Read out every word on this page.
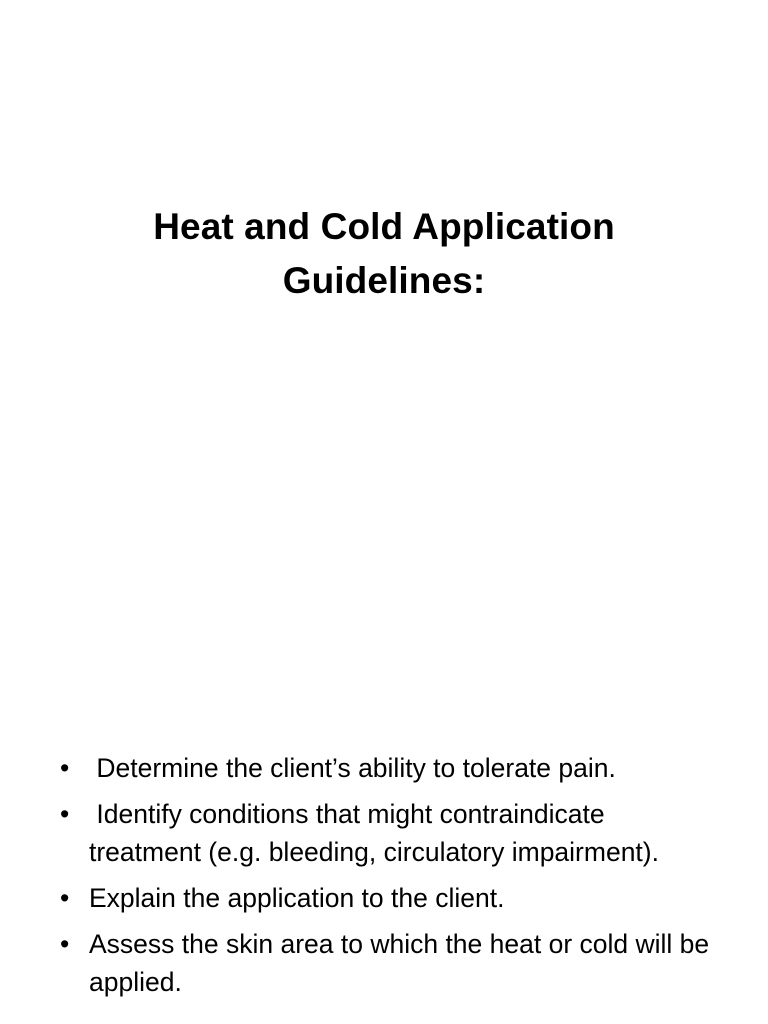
Heat and Cold Application
Guidelines:
• Determine the client’s ability to tolerate pain.
• Identify conditions that might contraindicate treatment (e.g. bleeding, circulatory impairment).
• Explain the application to the client.
• Assess the skin area to which the heat or cold will be applied.
